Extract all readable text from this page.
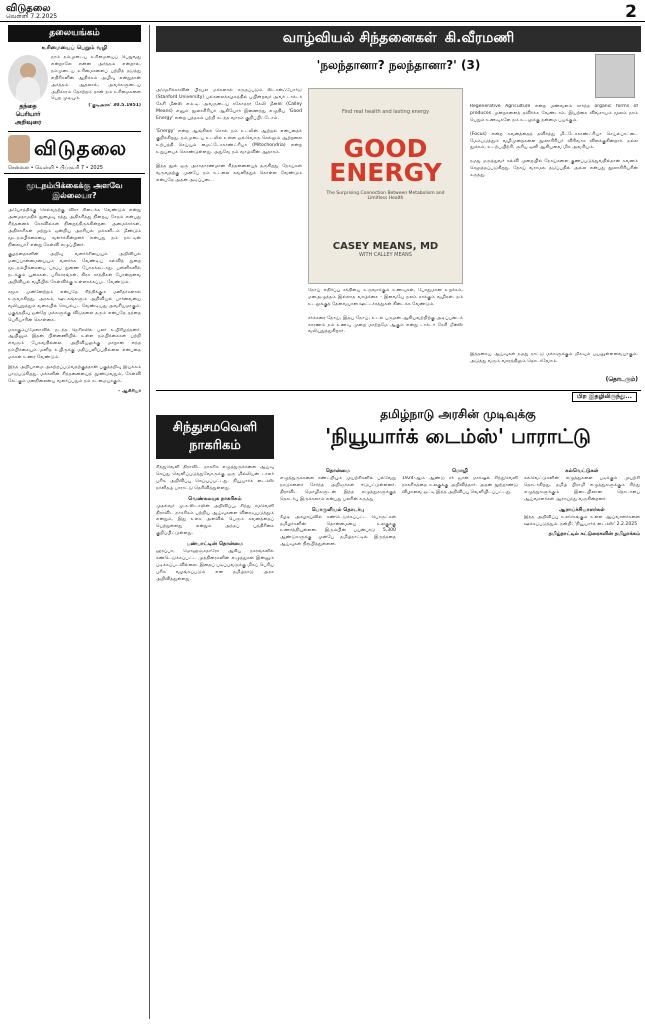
விடுதலை
வெள்ளி 7.2.2025	2
தலையங்கம்
உரிமையைப் பெறும் வழி
தந்தை பெரியார் அறிவுரை
நாம் நம்முடைய உரிமையைப் பெறுவது என்றாலே என்ன அர்த்தம் என்றால், நம்முடைய உரிமைகளைப் பற்றித் தடுத்து எதிரிகளின் ஆதிக்கம் அழிவு என்றுதான் அர்த்தம். ஆதலால், அவர்களுடைய அதிகாரம் தோற்றம் தான் நம் உரிமைகளை பெற முடியும்.
('குடிஅரசு' 30.5.1951)
விடுதலை
சென்னை • வெள்ளி • பிப்ரவரி 7 • 2025
மூடநம்பிக்கைக்கு அளவே இல்லையா?
அயோத்திக்கு செல்வதற்கு விசா கிடைக்க வேண்டும் என்று அமைதாமதிக் நுழைவு ரத்து அதிகரித்து நிறைய சேதம் என்பது சிந்தனைக் கோவில்கள் நிறைந்திருக்கின்றன. அமைச்சர்கள், அதிகாரிகள் மற்றும் ஒன்றிய அரசியல் மக்களிடம் மீண்டும் மூடநம்பிக்கையை வளர்க்கின்றனர் என்பது நம் நாட்டின் நிலையா? என்று கேள்வி எழுப்பினர்.
குழந்தைகளின் அறிவு வளர்ச்சியையும் அறிவியல் மனப்பான்மையையும் வளர்க்க வேண்டிய கல்வித் துறை மூடநம்பிக்கையை பரப்ப துணை போகக்கூடாது. பள்ளிகளில் நடக்கும் பூசைகள், பரிகாரங்கள், கிரக சாந்திகள் போன்றவை அறிவியல் வழியில் கேள்விக்கு உள்ளாக்கப்பட வேண்டும்.
சமூக முன்னேற்றம் என்பதே சிந்திக்கும் மனிதர்களால் உருவாகிறது. அரசும், ஊடகங்களும் அறிவியல் பார்வையை வலியுறுத்தும் வகையில் செயல்பட வேண்டியது அவசியமாகும். பகுத்தறிவு ஒன்றே மக்களுக்கு விடுதலை தரும் என்பதே தந்தை பெரியாரின் கொள்கை.
மகாகும்பமேளாவில் நடந்த நெரிசலில் பலர் உயிரிழந்தனர். ஆயினும் இதன் பின்னணியில் உள்ள நம்பிக்கைகள் பற்றி எவரும் பேசுவதில்லை. அறிவியலுக்கு மாறான எந்த நம்பிக்கையும் மனித உயிருக்கு மதிப்பளிப்பதில்லை என்பதை மக்கள் உணர வேண்டும்.
இந்த அறியாமை அகற்றப்படுவதற்குத்தான் பகுத்தறிவு இயக்கம் பாடுபடுகிறது. மக்களின் சிந்தனையைத் தூண்டுவதும், கேள்வி கேட்கும் மனநிலையை வளர்ப்பதும் நம் கடமையாகும்.
– ஆசிரியர்
வாழ்வியல் சிந்தனைகள் கி.வீரமணி
'நலந்தானா? நலந்தானா?' (3)
அமெரிக்காவின் பிரபல மக்களால் கருதப்படும் ஸ்டான்ஃபோர்டு (Stanford University) பல்கலைக்கழகத்தில் பயின்றவர் அவர் டாக்டர் கேசி மீன்ஸ் எம்.டி. அவருடைய சகோதரர் கேலி மீன்ஸ் (Calley Means) எனும் நூலாசிரியர் ஆகியோர் இணைந்து எழுதிய 'Good Energy' என்ற புத்தகம் பற்றி கடந்த வாரம் குறிப்பிட்டோம்.

'Energy' என்ற ஆங்கிலச் சொல் நம் உடலின் ஆற்றல் என்பதைக் குறிக்கிறது. நம்முடைய உடலில் உள்ள ஒவ்வொரு செல்லும் ஆற்றலை உற்பத்தி செய்யும் மைட்டோகாண்ட்ரியா (Mitochondria) என்ற உறுப்பைக் கொண்டுள்ளது. அதுவே நம் வாழ்வின் ஆதாரம்.

இந்த நூல் ஒரு அசாதாரணமான சிந்தனையைத் தருகிறது. நோய்கள் வருவதற்கு முன்பே நம் உடலை கவனித்துக் கொள்ள வேண்டும் என்பதே அதன் அடிப்படை.
Find real health and lasting energy
GOOD
ENERGY
The Surprising Connection Between Metabolism and Limitless Health
CASEY MEANS, MD
WITH CALLEY MEANS
நோய் எதிர்ப்பு சக்தியை உருவாக்கும் உணவுகள், போதுமான உறக்கம், மனஅழுத்தம் இல்லாத வாழ்க்கை - இவையே நலம் காக்கும் வழிகள். நம் உடலுக்குத் தேவையான ஊட்டச்சத்துகள் கிடைக்க வேண்டும்.

சர்க்கரை நோய், இதய நோய், உடல் பருமன் ஆகியவற்றிற்கு அடிப்படைக் காரணம் நம் உணவு முறை மாற்றமே ஆகும் என்று டாக்டர் கேசி மீன்ஸ் வலியுறுத்துகிறார்.
Regenerative Agriculture என்ற மண்வளம் சார்ந்த organic forms of produces முறைகளைத் தவிர்க்க வேண்டாம். இயற்கை விவசாயம் மூலம் நாம் பெறும் உணவுகளே நம் உடலுக்கு நன்மை பயக்கும்.

(Focus) என்ற கவனத்தைத் தவிர்த்து மிட்டோகாண்ட்ரியா செயல்பாட்டை மேம்படுத்தும் வழிமுறைகளை நூலாசிரியர் விரிவாக விளக்குகின்றார். நல்ல தூக்கம், உடற்பயிற்சி, சூரிய ஒளி ஆகியவை மிக அவசியம்.

நமது மருத்துவர் கல்வி முறையில் நோய்களை குணப்படுத்துவதில்தான் கவனம் செலுத்தப்படுகிறது. நோய் வராமல் தடுப்பதில் அல்ல என்பது நூலாசிரியரின் கருத்து.
இத்தகைய ஆய்வுகள் நமது நாட்டு மக்களுக்கும் மிகவும் பயனுள்ளவையாகும். அடுத்து வரும் வாரத்திலும் தொடர்வோம்.
(தொடரும்)
பிற இதழிலிருந்து...
சிந்துசமவெளி
நாகரிகம்
தமிழ்நாடு அரசின் முடிவுக்கு
'நியூயார்க் டைம்ஸ்' பாராட்டு
சிந்துவெளி திராவிட நாகரிக எழுத்துருக்களை ஆய்வு செய்து வெளிப்படுத்துவோருக்கு ஒரு மில்லியன் டாலர் பரிசு அறிவிப்பு செய்யப்பட்டது. நியூயார்க் டைம்ஸ் நாளிதழ் பாராட்டு தெரிவித்துள்ளது.
வெண்கலயுக நாகரிகம்
முதல்வர் மு.க.ஸ்டாலின் அறிவிப்பு, சிந்து சமவெளி திராவிட நாகரிகம் பற்றிய ஆய்வுகளை விரைவுபடுத்தும் என்றும், இது உலக அளவில் பெரும் கவனத்தைப் பெற்றுள்ளது என்றும் அந்தப் பத்திரிகை குறிப்பிட்டுள்ளது.
பண்பாட்டின் தொன்மை
ஹரப்பா, மொஹஞ்சதாரோ ஆகிய நகரங்களில் கண்டெடுக்கப்பட்ட முத்திரைகளின் எழுத்துகள் இன்னும் படிக்கப்படவில்லை. இதைப் படிப்பவருக்கு மிகப் பெரிய பரிசு வழங்கப்படும் என தமிழ்நாடு அரசு அறிவித்துள்ளது.
தொன்மை
எழுத்துருக்களை கண்டறியும் முயற்சிகளில் பல்வேறு நாடுகளைச் சேர்ந்த அறிஞர்கள் ஈடுபட்டுள்ளனர். திராவிட மொழிகளுடன் இந்த எழுத்துகளுக்குத் தொடர்பு இருக்கலாம் என்பது பலரின் கருத்து.
பொருளியல் தொடர்பு
கீழடி அகழாய்வில் கண்டெடுக்கப்பட்ட பொருட்கள் தமிழர்களின் தொன்மையை உலகுக்கு உணர்த்தியுள்ளன. இரும்பின் பயன்பாடு 5,300 ஆண்டுகளுக்கு முன்பே தமிழ்நாட்டில் இருந்ததை ஆய்வுகள் நிரூபித்துள்ளன.
மொழி
1924-ஆம் ஆண்டு சர் ஜான் மார்ஷல் சிந்துவெளி நாகரிகத்தை உலகுக்கு அறிவித்தார். அதன் நூற்றாண்டு விழாவை ஒட்டி இந்த அறிவிப்பு வெளியிடப்பட்டது.
கல்வெட்டுகள்
கல்வெட்டுகளின் எழுத்துகளை படிக்கும் முயற்சி தொடர்கிறது. தமிழ் பிராமி எழுத்துகளுக்கும் சிந்து எழுத்துகளுக்கும் இடையிலான தொடர்பை ஆய்வாளர்கள் ஆராய்ந்து வருகின்றனர்.
ஆராய்ச்சியாளர்கள்
இந்த அறிவிப்பு உலகெங்கும் உள்ள ஆய்வாளர்களை ஊக்கப்படுத்தும். நன்றி: 'நியூயார்க் டைம்ஸ்' 2.2.2025
தமிழ்நாட்டில் கட்டுரைகளின் தமிழாக்கம்
